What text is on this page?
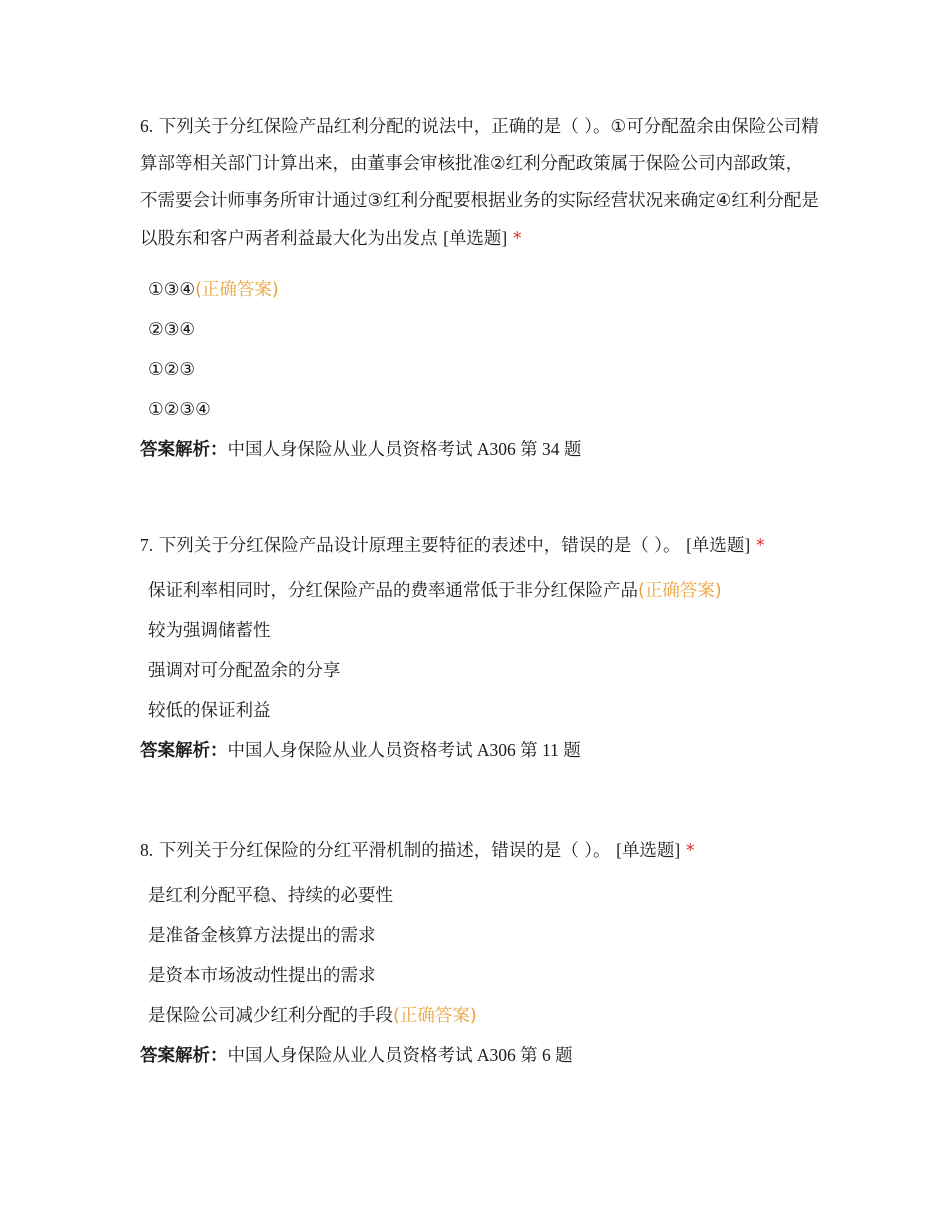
6. 下列关于分红保险产品红利分配的说法中，正确的是（ ）。①可分配盈余由保险公司精算部等相关部门计算出来，由董事会审核批准②红利分配政策属于保险公司内部政策，不需要会计师事务所审计通过③红利分配要根据业务的实际经营状况来确定④红利分配是以股东和客户两者利益最大化为出发点 [单选题] *

①③④(正确答案)
②③④
①②③
①②③④

答案解析：中国人身保险从业人员资格考试 A306 第 34 题

7. 下列关于分红保险产品设计原理主要特征的表述中，错误的是（ ）。 [单选题] *

保证利率相同时，分红保险产品的费率通常低于非分红保险产品(正确答案)
较为强调储蓄性
强调对可分配盈余的分享
较低的保证利益

答案解析：中国人身保险从业人员资格考试 A306 第 11 题

8. 下列关于分红保险的分红平滑机制的描述，错误的是（ ）。 [单选题] *

是红利分配平稳、持续的必要性
是准备金核算方法提出的需求
是资本市场波动性提出的需求
是保险公司减少红利分配的手段(正确答案)

答案解析：中国人身保险从业人员资格考试 A306 第 6 题
